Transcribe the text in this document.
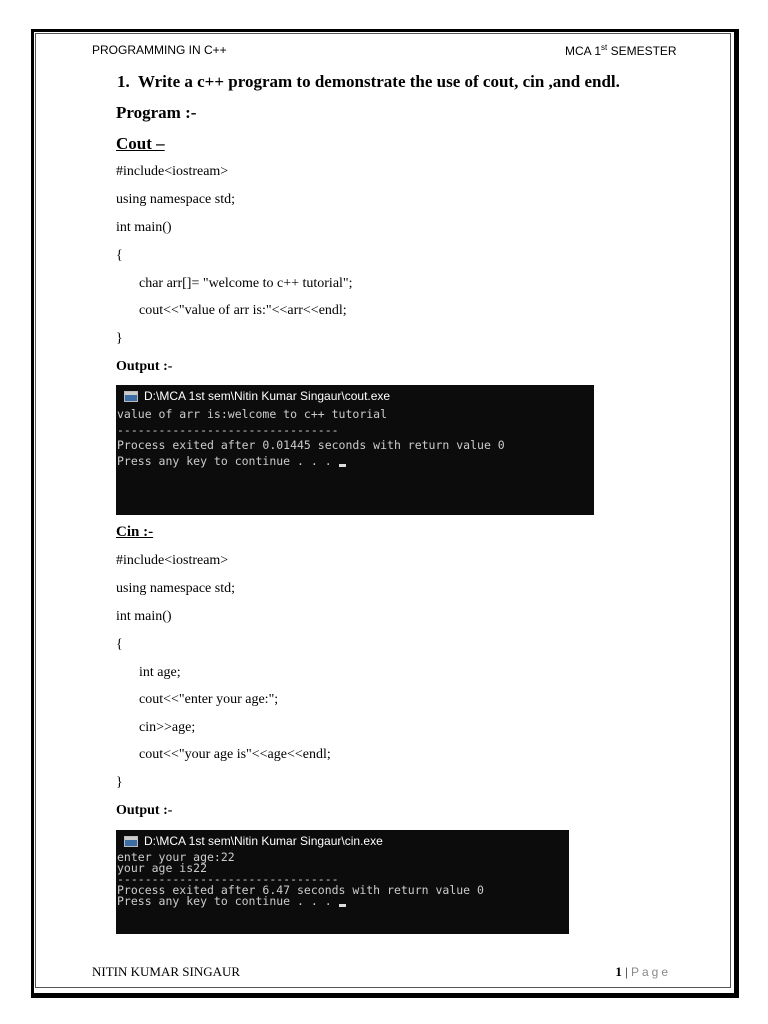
PROGRAMMING IN C++	MCA 1st SEMESTER
1.  Write a c++ program to demonstrate the use of cout, cin ,and endl.
Program :-
Cout –
#include<iostream>
using namespace std;
int main()
{
char arr[]= "welcome to c++ tutorial";
cout<<"value of arr is:"<<arr<<endl;
}
Output :-
D:\MCA 1st sem\Nitin Kumar Singaur\cout.exe
value of arr is:welcome to c++ tutorial
--------------------------------
Process exited after 0.01445 seconds with return value 0
Press any key to continue . . .
Cin :-
#include<iostream>
using namespace std;
int main()
{
int age;
cout<<"enter your age:";
cin>>age;
cout<<"your age is"<<age<<endl;
}
Output :-
D:\MCA 1st sem\Nitin Kumar Singaur\cin.exe
enter your age:22
your age is22
--------------------------------
Process exited after 6.47 seconds with return value 0
Press any key to continue . . .
NITIN KUMAR SINGAUR	1 | Page
